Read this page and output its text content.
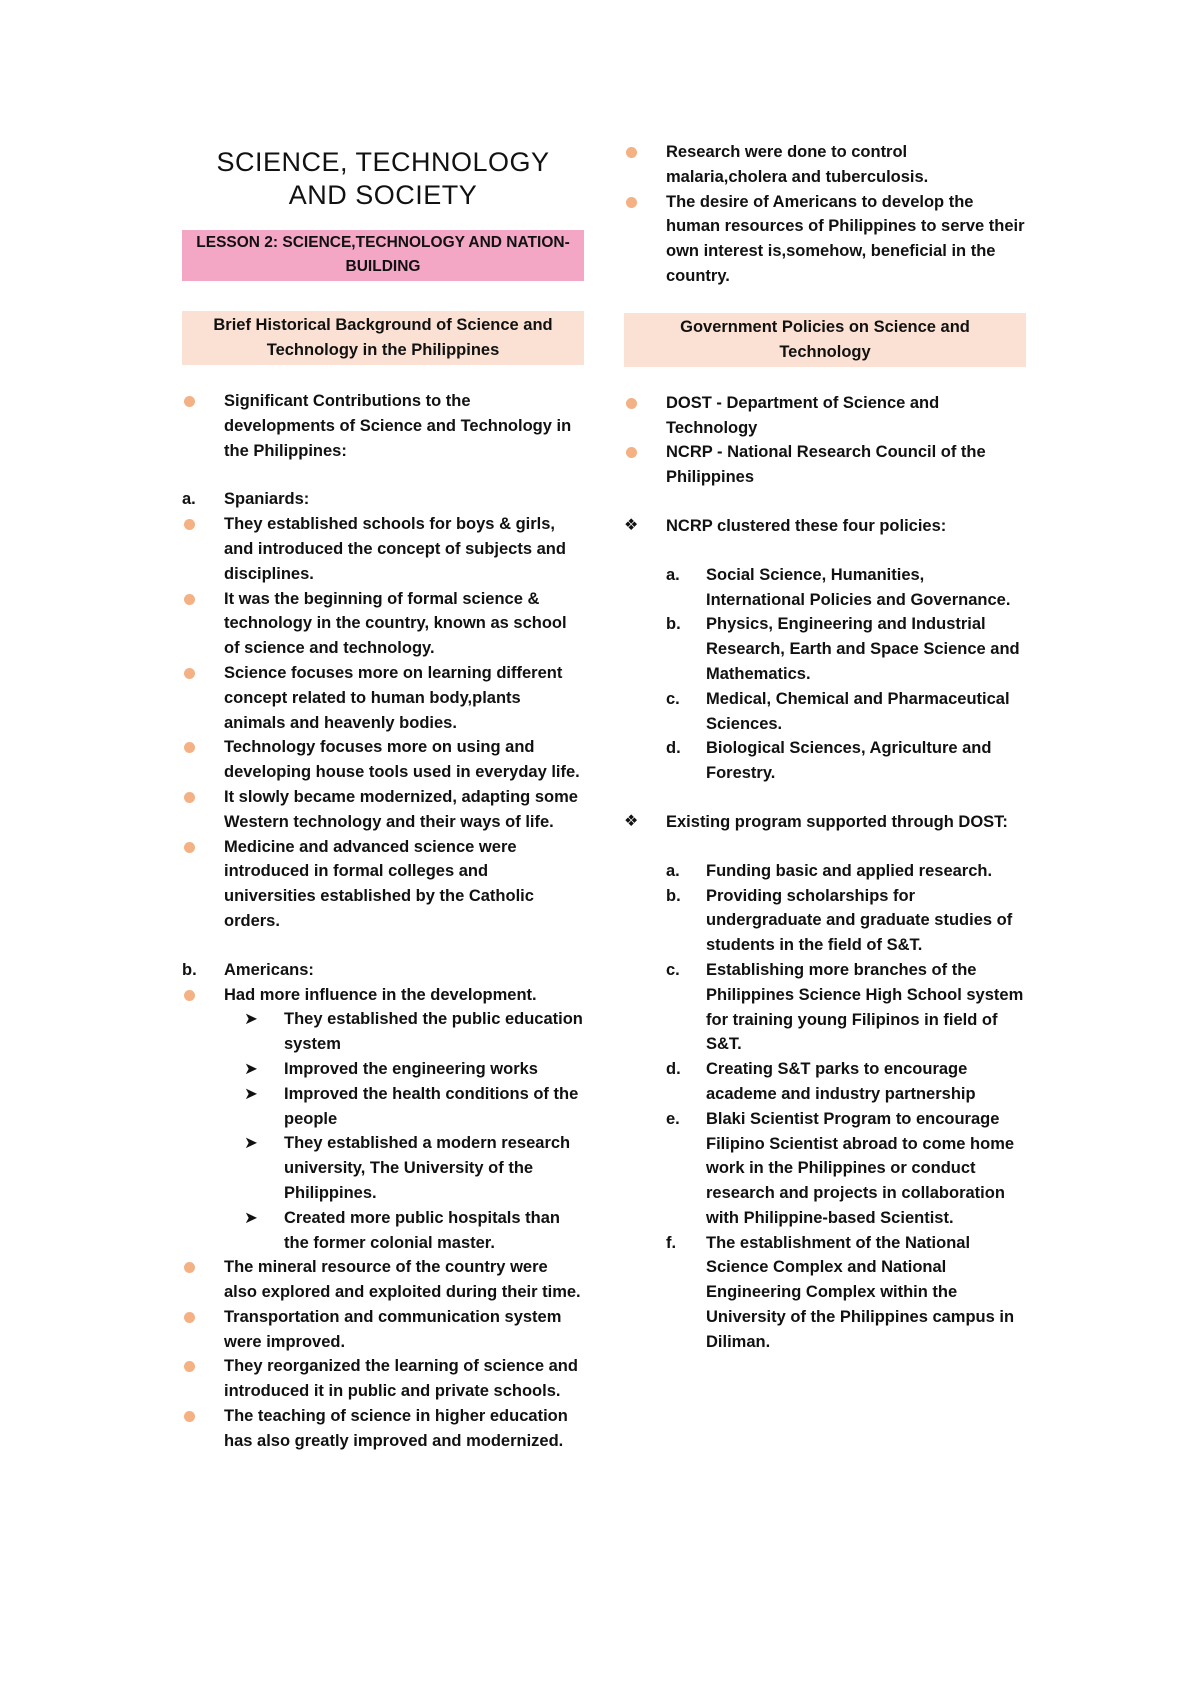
SCIENCE, TECHNOLOGY
AND SOCIETY
LESSON 2: SCIENCE,TECHNOLOGY AND NATION-BUILDING
Brief Historical Background of Science and Technology in the Philippines
Significant Contributions to the developments of Science and Technology in the Philippines:
a.	Spaniards:
They established schools for boys & girls, and introduced the concept of subjects and disciplines.
It was the beginning of formal science & technology in the country, known as school of science and technology.
Science focuses more on learning different concept related to human body,plants animals and heavenly bodies.
Technology focuses more on using and developing house tools used in everyday life.
It slowly became modernized, adapting some Western technology and their ways of life.
Medicine and advanced science were introduced in formal colleges and universities established by the Catholic orders.
b.	Americans:
Had more influence in the development.
➤ They established the public education system
➤ Improved the engineering works
➤ Improved the health conditions of the people
➤ They established a modern research university, The University of the Philippines.
➤ Created more public hospitals than the former colonial master.
The mineral resource of the country were also explored and exploited during their time.
Transportation and communication system were improved.
They reorganized the learning of science and introduced it in public and private schools.
The teaching of science in higher education has also greatly improved and modernized.
Research were done to control malaria,cholera and tuberculosis.
The desire of Americans to develop the human resources of Philippines to serve their own interest is,somehow, beneficial in the country.
Government Policies on Science and Technology
DOST - Department of Science and Technology
NCRP - National Research Council of the Philippines
❖ NCRP clustered these four policies:
a.	Social Science, Humanities, International Policies and Governance.
b.	Physics, Engineering and Industrial Research, Earth and Space Science and Mathematics.
c.	Medical, Chemical and Pharmaceutical Sciences.
d.	Biological Sciences, Agriculture and Forestry.
❖ Existing program supported through DOST:
a.	Funding basic and applied research.
b.	Providing scholarships for undergraduate and graduate studies of students in the field of S&T.
c.	Establishing more branches of the Philippines Science High School system for training young Filipinos in field of S&T.
d.	Creating S&T parks to encourage academe and industry partnership
e.	Blaki Scientist Program to encourage Filipino Scientist abroad to come home work in the Philippines or conduct research and projects in collaboration with Philippine-based Scientist.
f.	The establishment of the National Science Complex and National Engineering Complex within the University of the Philippines campus in Diliman.
